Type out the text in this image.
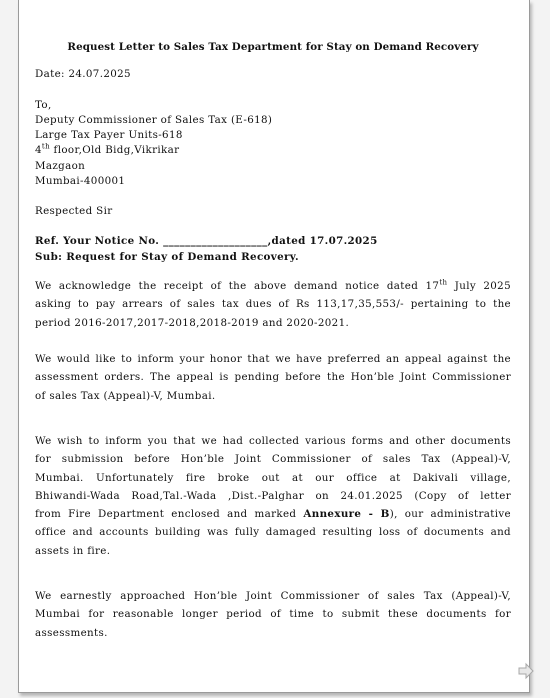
Request Letter to Sales Tax Department for Stay on Demand Recovery
Date: 24.07.2025
To,
Deputy Commissioner of Sales Tax (E-618)
Large Tax Payer Units-618
4th floor,Old Bidg,Vikrikar
Mazgaon
Mumbai-400001
Respected Sir
Ref. Your Notice No. ___________________,dated 17.07.2025
Sub: Request for Stay of Demand Recovery.
We acknowledge the receipt of the above demand notice dated 17th July 2025
asking to pay arrears of sales tax dues of Rs 113,17,35,553/- pertaining to the
period 2016-2017,2017-2018,2018-2019 and 2020-2021.
We would like to inform your honor that we have preferred an appeal against the
assessment orders. The appeal is pending before the Hon’ble Joint Commissioner
of sales Tax (Appeal)-V, Mumbai.
We wish to inform you that we had collected various forms and other documents
for submission before Hon’ble Joint Commissioner of sales Tax (Appeal)-V,
Mumbai. Unfortunately fire broke out at our office at Dakivali village,
Bhiwandi-Wada Road,Tal.-Wada ,Dist.-Palghar on 24.01.2025 (Copy of letter
from Fire Department enclosed and marked Annexure - B), our administrative
office and accounts building was fully damaged resulting loss of documents and
assets in fire.
We earnestly approached Hon’ble Joint Commissioner of sales Tax (Appeal)-V,
Mumbai for reasonable longer period of time to submit these documents for
assessments.
